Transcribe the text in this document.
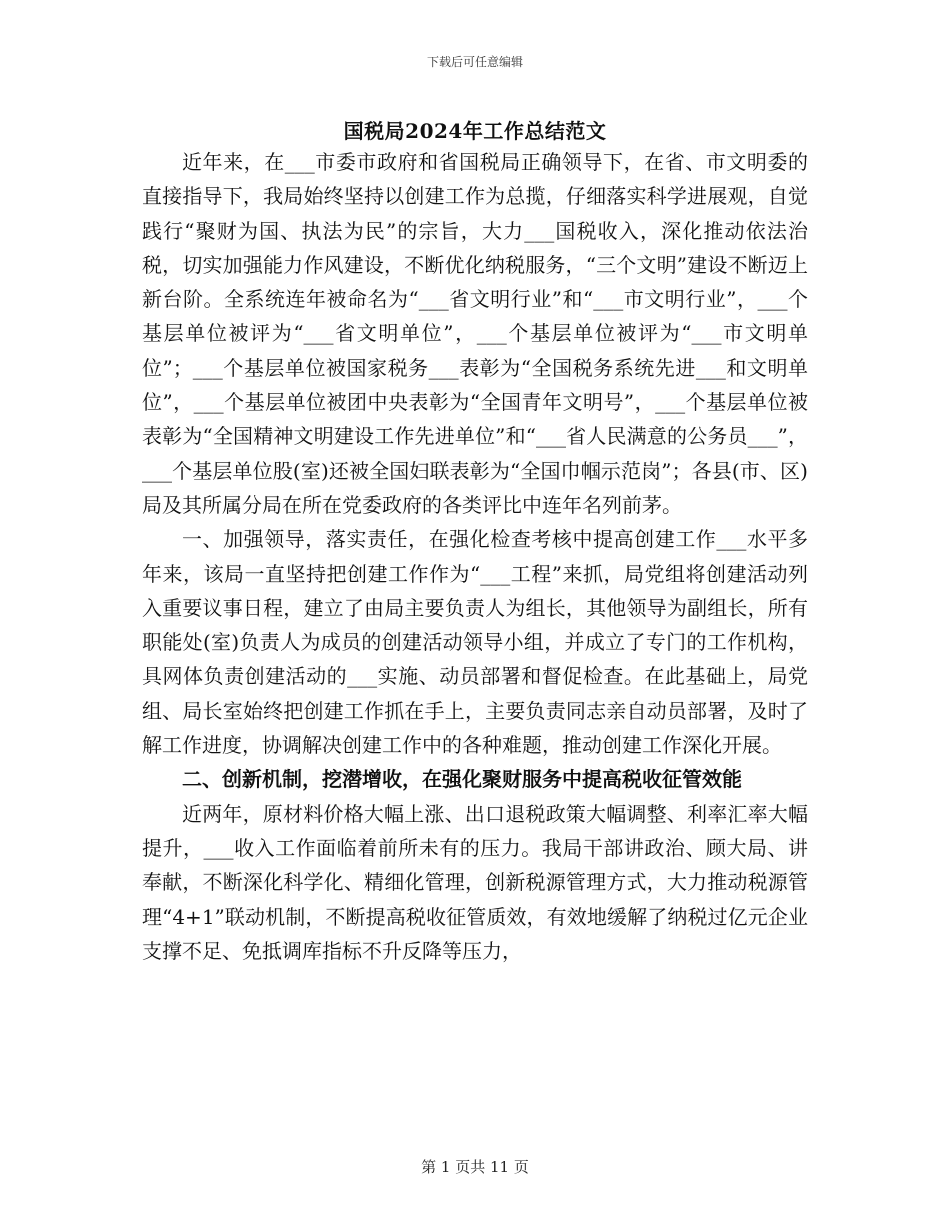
下载后可任意编辑
国税局2024年工作总结范文

近年来，在___市委市政府和省国税局正确领导下，在省、市文明委的直接指导下，我局始终坚持以创建工作为总揽，仔细落实科学进展观，自觉践行“聚财为国、执法为民”的宗旨，大力___国税收入，深化推动依法治税，切实加强能力作风建设，不断优化纳税服务，“三个文明”建设不断迈上新台阶。全系统连年被命名为“___省文明行业”和“___市文明行业”，___个基层单位被评为“___省文明单位”，___个基层单位被评为“___市文明单位”；___个基层单位被国家税务___表彰为“全国税务系统先进___和文明单位”，___个基层单位被团中央表彰为“全国青年文明号”，___个基层单位被表彰为“全国精神文明建设工作先进单位”和“___省人民满意的公务员___”，___个基层单位股(室)还被全国妇联表彰为“全国巾帼示范岗”；各县(市、区)局及其所属分局在所在党委政府的各类评比中连年名列前茅。

一、加强领导，落实责任，在强化检查考核中提高创建工作___水平多年来，该局一直坚持把创建工作作为“___工程”来抓，局党组将创建活动列入重要议事日程，建立了由局主要负责人为组长，其他领导为副组长，所有职能处(室)负责人为成员的创建活动领导小组，并成立了专门的工作机构，具网体负责创建活动的___实施、动员部署和督促检查。在此基础上，局党组、局长室始终把创建工作抓在手上，主要负责同志亲自动员部署，及时了解工作进度，协调解决创建工作中的各种难题，推动创建工作深化开展。

二、创新机制，挖潜增收，在强化聚财服务中提高税收征管效能

近两年，原材料价格大幅上涨、出口退税政策大幅调整、利率汇率大幅提升，___收入工作面临着前所未有的压力。我局干部讲政治、顾大局、讲奉献，不断深化科学化、精细化管理，创新税源管理方式，大力推动税源管理“4+1”联动机制，不断提高税收征管质效，有效地缓解了纳税过亿元企业支撑不足、免抵调库指标不升反降等压力，

第 1 页共 11 页
